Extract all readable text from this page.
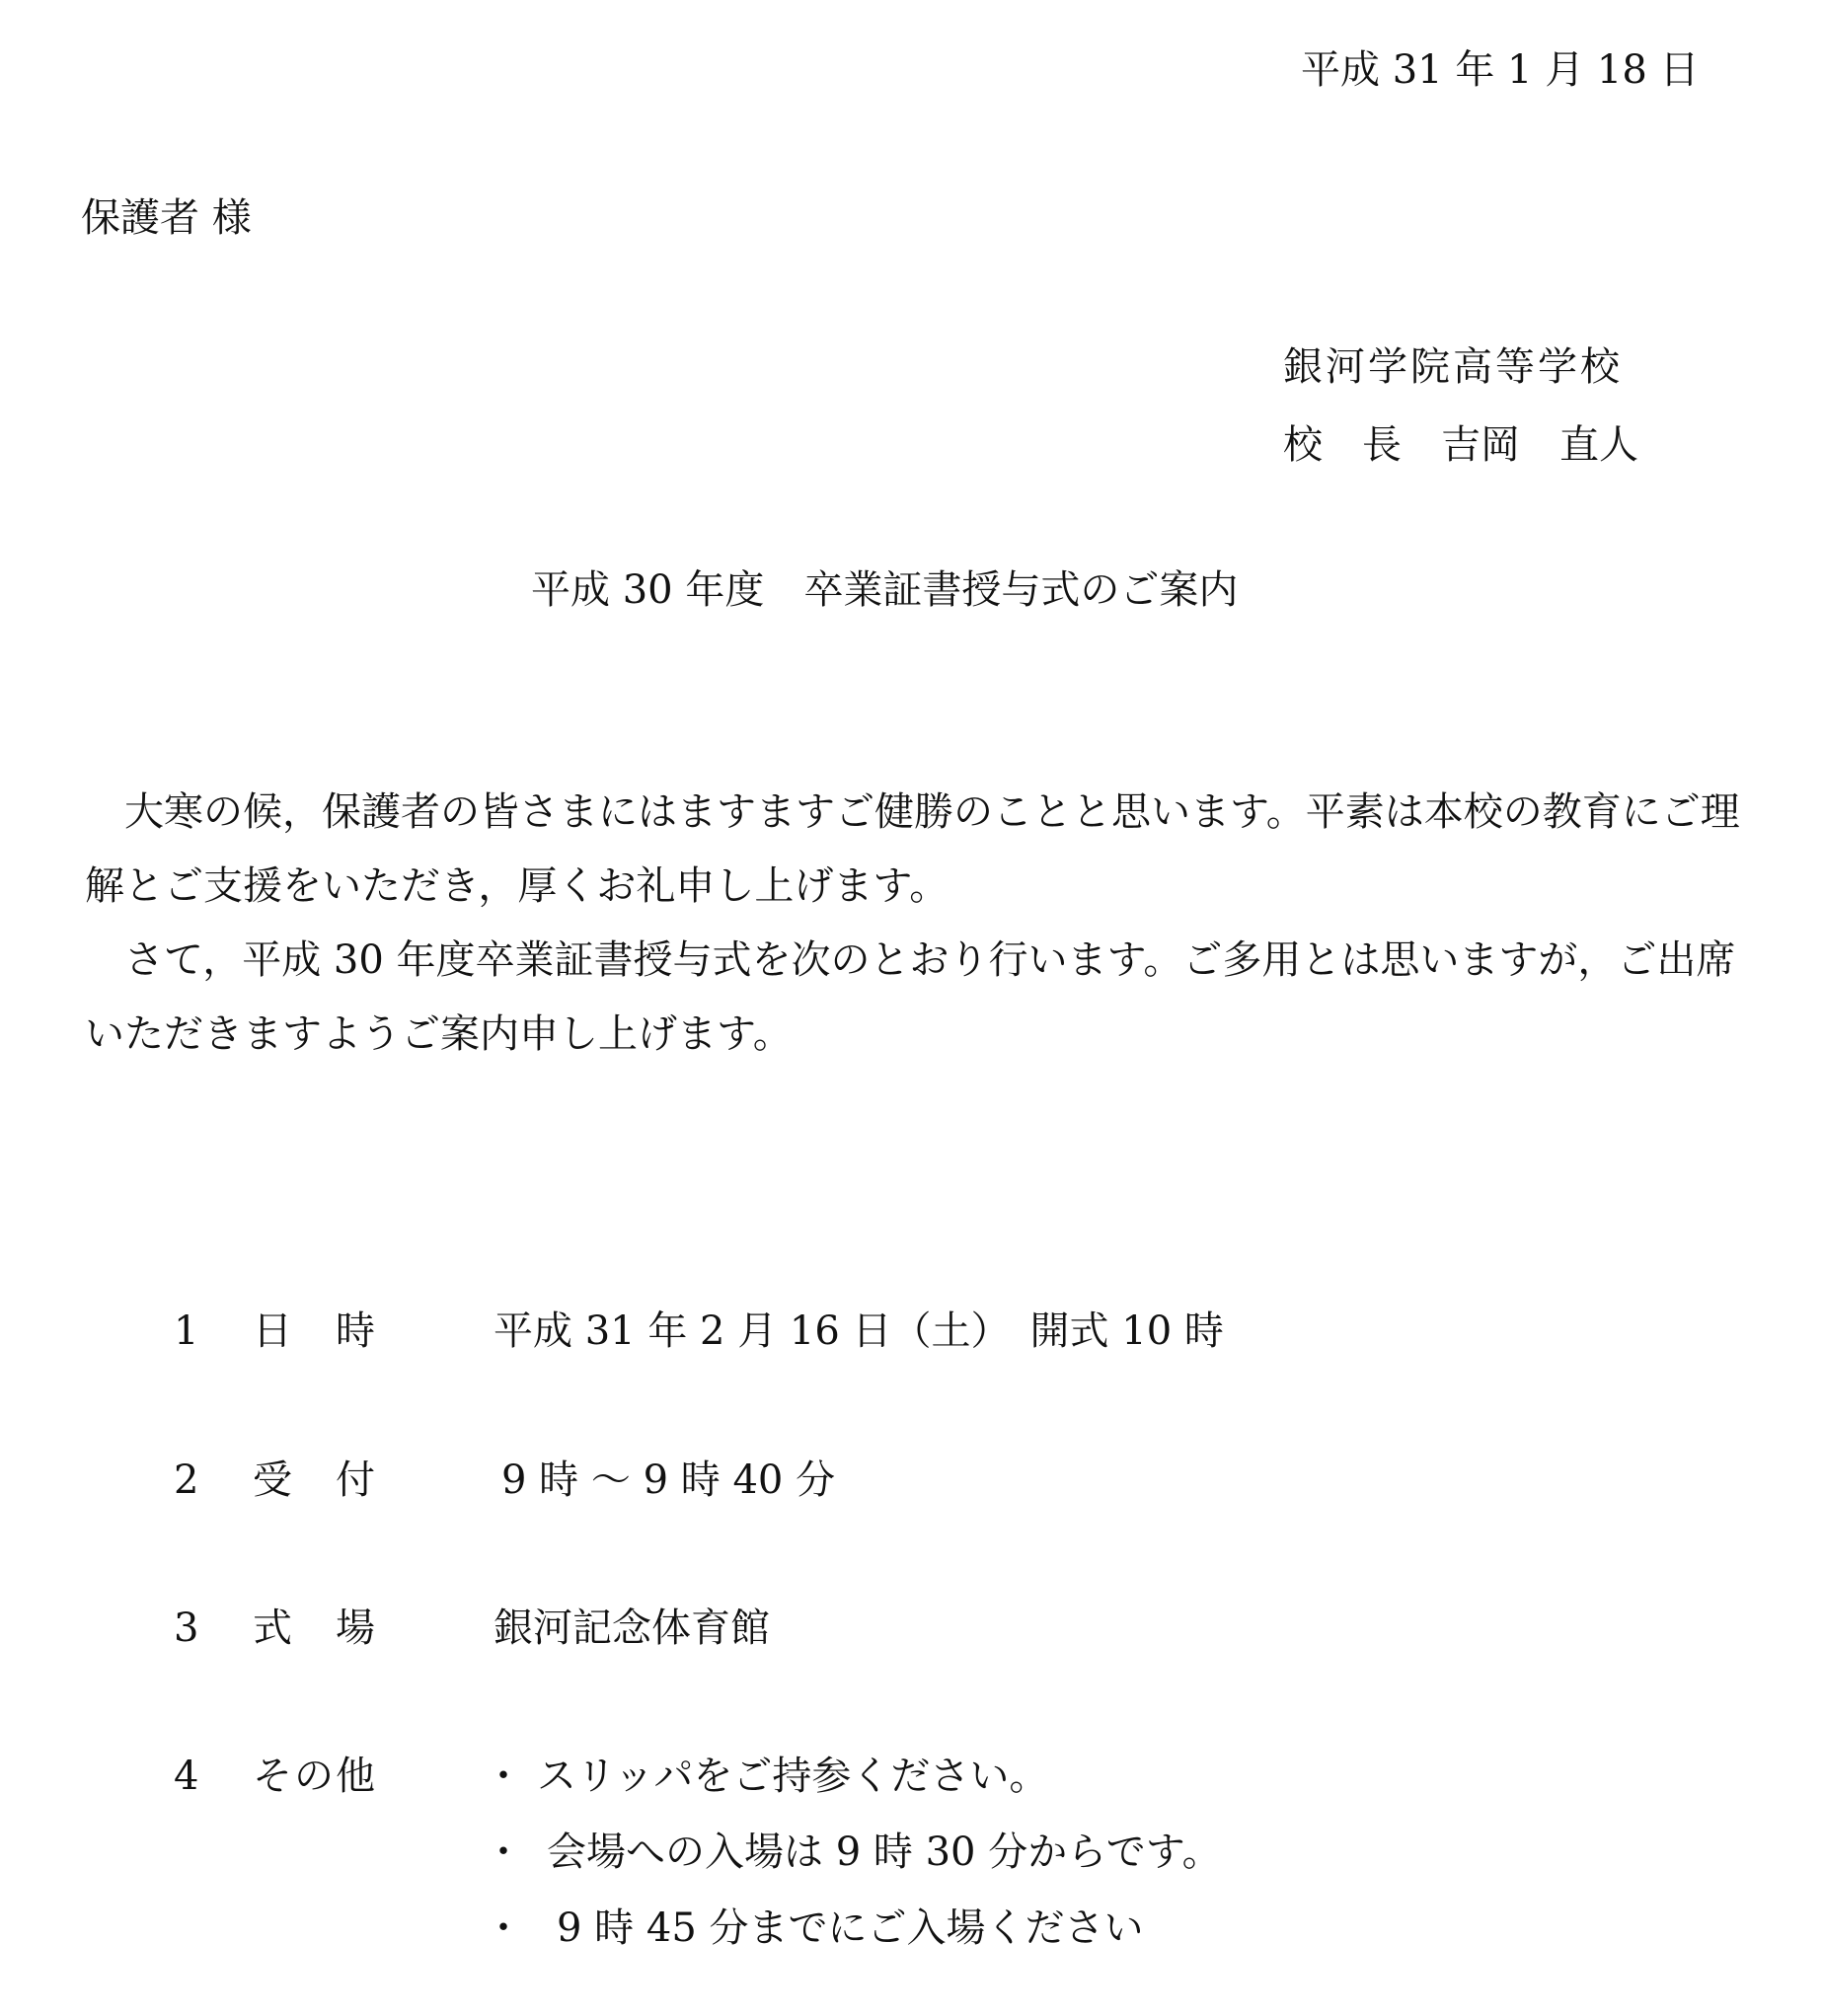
平成 31 年 1 月 18 日
保護者 様
銀河学院高等学校
校　長　吉岡　直人
平成 30 年度　卒業証書授与式のご案内

大寒の候，保護者の皆さまにはますますご健勝のことと思います。平素は本校の教育にご理解とご支援をいただき，厚くお礼申し上げます。

さて，平成 30 年度卒業証書授与式を次のとおり行います。ご多用とは思いますが，ご出席いただきますようご案内申し上げます。

1 日　時	平成 31 年 2 月 16 日（土）　開式 10 時
2 受　付	9 時 ～ 9 時 40 分
3 式　場	銀河記念体育館
4 その他	・ スリッパをご持参ください。
・ 会場への入場は 9 時 30 分からです。
・ 9 時 45 分までにご入場ください
